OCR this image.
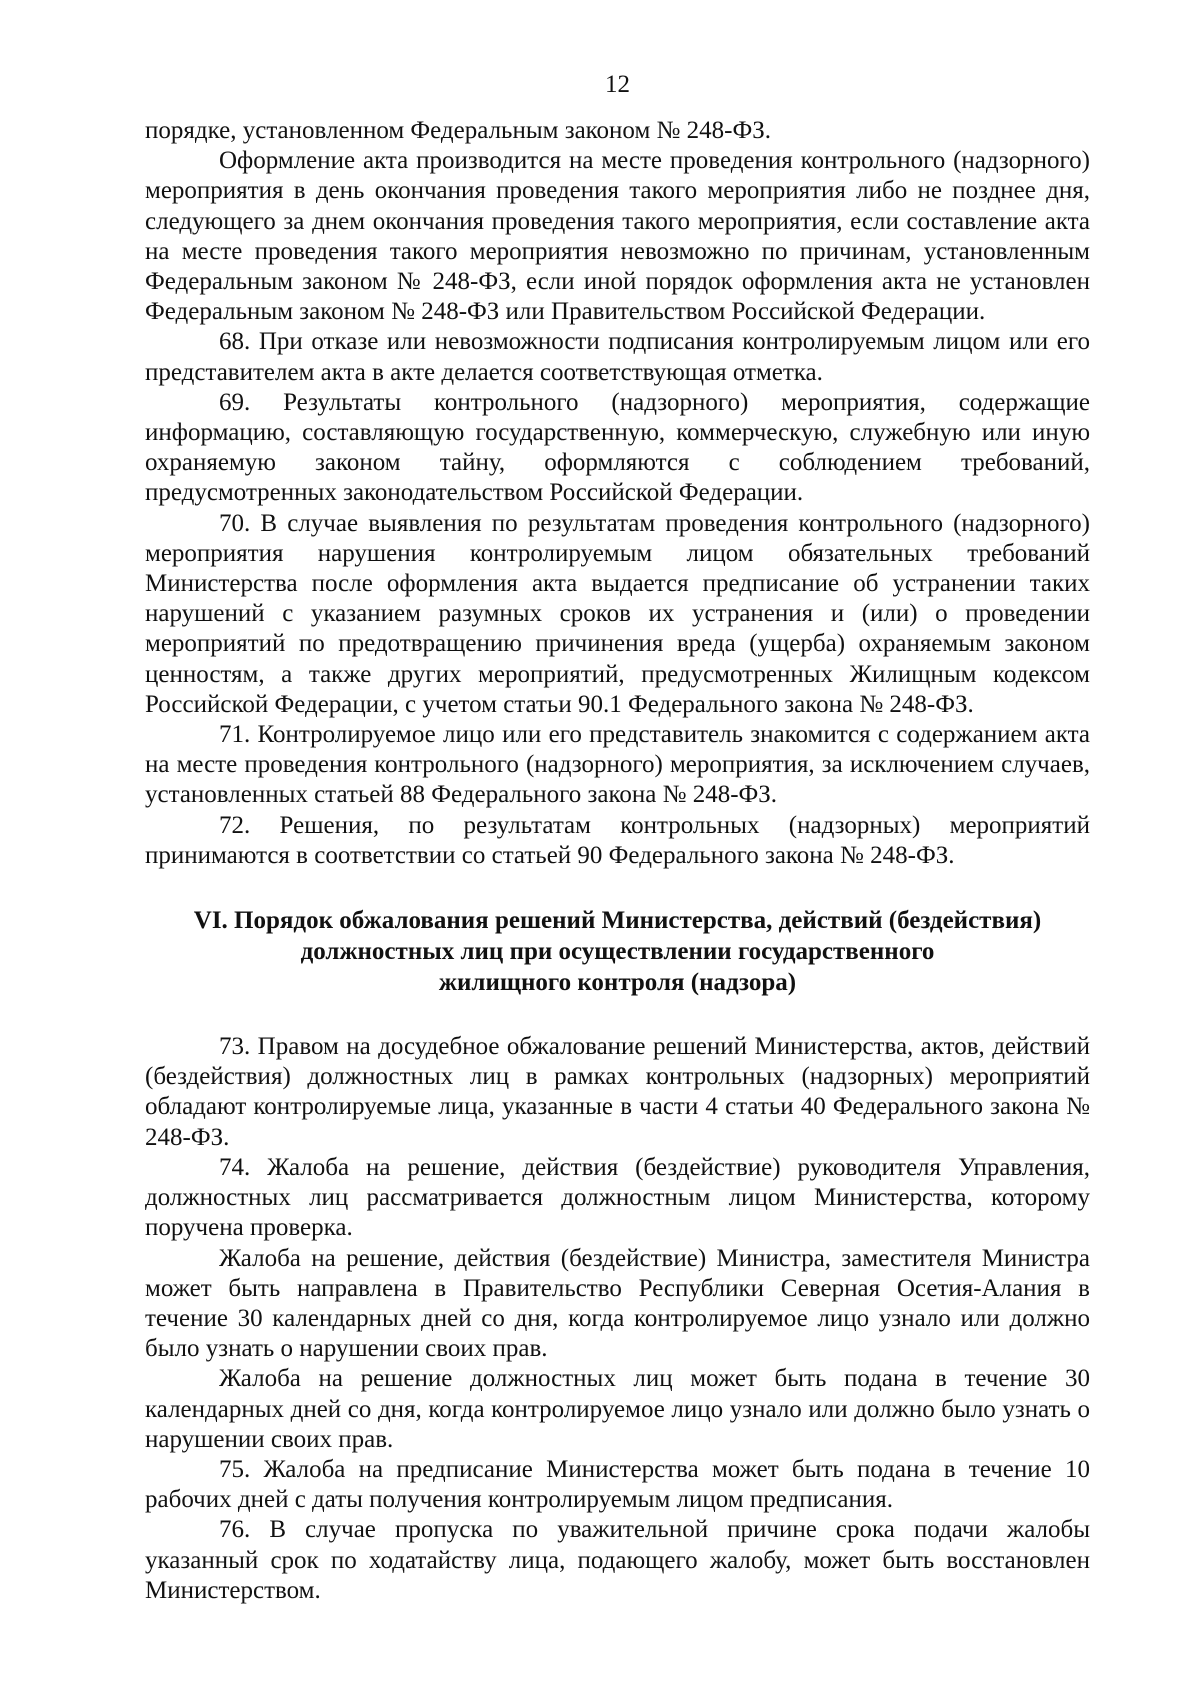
12

порядке, установленном Федеральным законом № 248-ФЗ.

Оформление акта производится на месте проведения контрольного (надзорного) мероприятия в день окончания проведения такого мероприятия либо не позднее дня, следующего за днем окончания проведения такого мероприятия, если составление акта на месте проведения такого мероприятия невозможно по причинам, установленным Федеральным законом № 248-ФЗ, если иной порядок оформления акта не установлен Федеральным законом № 248-ФЗ или Правительством Российской Федерации.

68. При отказе или невозможности подписания контролируемым лицом или его представителем акта в акте делается соответствующая отметка.

69. Результаты контрольного (надзорного) мероприятия, содержащие информацию, составляющую государственную, коммерческую, служебную или иную охраняемую законом тайну, оформляются с соблюдением требований, предусмотренных законодательством Российской Федерации.

70. В случае выявления по результатам проведения контрольного (надзорного) мероприятия нарушения контролируемым лицом обязательных требований Министерства после оформления акта выдается предписание об устранении таких нарушений с указанием разумных сроков их устранения и (или) о проведении мероприятий по предотвращению причинения вреда (ущерба) охраняемым законом ценностям, а также других мероприятий, предусмотренных Жилищным кодексом Российской Федерации, с учетом статьи 90.1 Федерального закона № 248-ФЗ.

71. Контролируемое лицо или его представитель знакомится с содержанием акта на месте проведения контрольного (надзорного) мероприятия, за исключением случаев, установленных статьей 88 Федерального закона № 248-ФЗ.

72. Решения, по результатам контрольных (надзорных) мероприятий принимаются в соответствии со статьей 90 Федерального закона № 248-ФЗ.

VI. Порядок обжалования решений Министерства, действий (бездействия)
должностных лиц при осуществлении государственного
жилищного контроля (надзора)

73. Правом на досудебное обжалование решений Министерства, актов, действий (бездействия) должностных лиц в рамках контрольных (надзорных) мероприятий обладают контролируемые лица, указанные в части 4 статьи 40 Федерального закона № 248-ФЗ.

74. Жалоба на решение, действия (бездействие) руководителя Управления, должностных лиц рассматривается должностным лицом Министерства, которому поручена проверка.

Жалоба на решение, действия (бездействие) Министра, заместителя Министра может быть направлена в Правительство Республики Северная Осетия-Алания в течение 30 календарных дней со дня, когда контролируемое лицо узнало или должно было узнать о нарушении своих прав.

Жалоба на решение должностных лиц может быть подана в течение 30 календарных дней со дня, когда контролируемое лицо узнало или должно было узнать о нарушении своих прав.

75. Жалоба на предписание Министерства может быть подана в течение 10 рабочих дней с даты получения контролируемым лицом предписания.

76. В случае пропуска по уважительной причине срока подачи жалобы указанный срок по ходатайству лица, подающего жалобу, может быть восстановлен Министерством.
